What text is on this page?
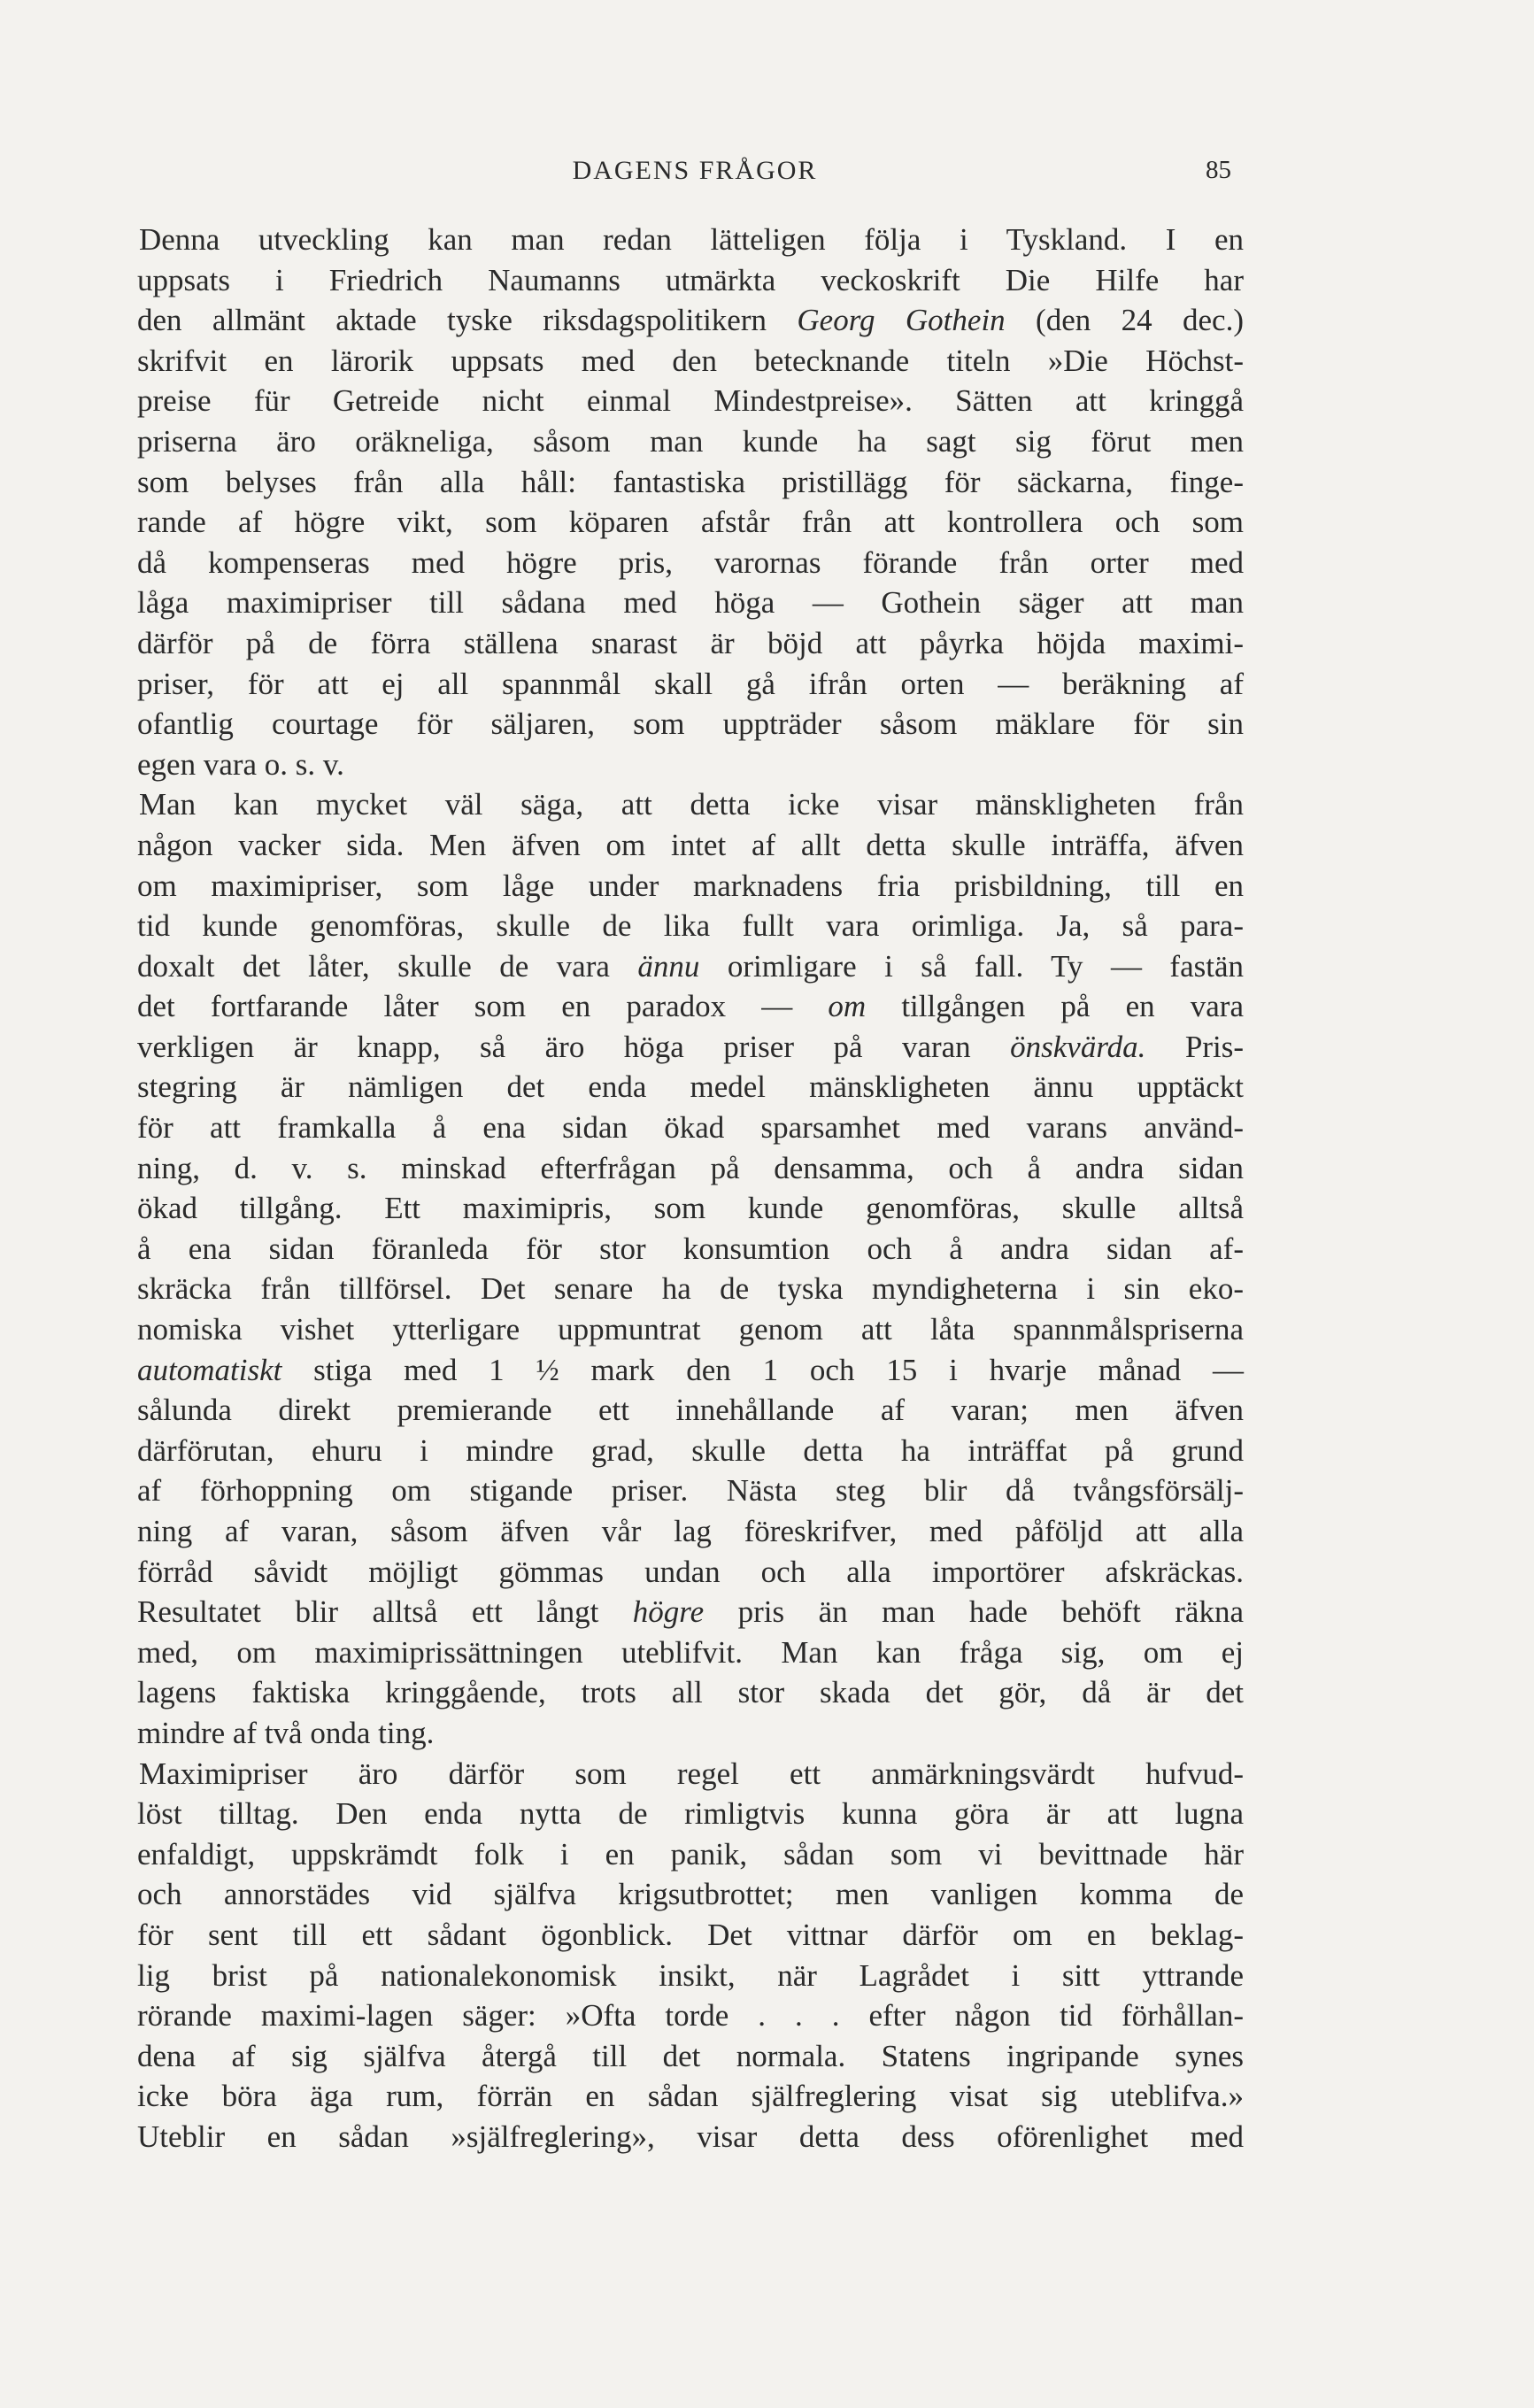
DAGENS FRÅGOR	85
Denna utveckling kan man redan lätteligen följa i Tyskland. I en
uppsats i Friedrich Naumanns utmärkta veckoskrift Die Hilfe har
den allmänt aktade tyske riksdagspolitikern Georg Gothein (den 24 dec.)
skrifvit en lärorik uppsats med den betecknande titeln »Die Höchst-
preise für Getreide nicht einmal Mindestpreise». Sätten att kringgå
priserna äro oräkneliga, såsom man kunde ha sagt sig förut men
som belyses från alla håll: fantastiska pristillägg för säckarna, finge-
rande af högre vikt, som köparen afstår från att kontrollera och som
då kompenseras med högre pris, varornas förande från orter med
låga maximipriser till sådana med höga — Gothein säger att man
därför på de förra ställena snarast är böjd att påyrka höjda maximi-
priser, för att ej all spannmål skall gå ifrån orten — beräkning af
ofantlig courtage för säljaren, som uppträder såsom mäklare för sin
egen vara o. s. v.
Man kan mycket väl säga, att detta icke visar mänskligheten från
någon vacker sida. Men äfven om intet af allt detta skulle inträffa, äfven
om maximipriser, som låge under marknadens fria prisbildning, till en
tid kunde genomföras, skulle de lika fullt vara orimliga. Ja, så para-
doxalt det låter, skulle de vara ännu orimligare i så fall. Ty — fastän
det fortfarande låter som en paradox — om tillgången på en vara
verkligen är knapp, så äro höga priser på varan önskvärda. Pris-
stegring är nämligen det enda medel mänskligheten ännu upptäckt
för att framkalla å ena sidan ökad sparsamhet med varans använd-
ning, d. v. s. minskad efterfrågan på densamma, och å andra sidan
ökad tillgång. Ett maximipris, som kunde genomföras, skulle alltså
å ena sidan föranleda för stor konsumtion och å andra sidan af-
skräcka från tillförsel. Det senare ha de tyska myndigheterna i sin eko-
nomiska vishet ytterligare uppmuntrat genom att låta spannmålspriserna
automatiskt stiga med 1 ½ mark den 1 och 15 i hvarje månad —
sålunda direkt premierande ett innehållande af varan; men äfven
därförutan, ehuru i mindre grad, skulle detta ha inträffat på grund
af förhoppning om stigande priser. Nästa steg blir då tvångsförsälj-
ning af varan, såsom äfven vår lag föreskrifver, med påföljd att alla
förråd såvidt möjligt gömmas undan och alla importörer afskräckas.
Resultatet blir alltså ett långt högre pris än man hade behöft räkna
med, om maximiprissättningen uteblifvit. Man kan fråga sig, om ej
lagens faktiska kringgående, trots all stor skada det gör, då är det
mindre af två onda ting.
Maximipriser äro därför som regel ett anmärkningsvärdt hufvud-
löst tilltag. Den enda nytta de rimligtvis kunna göra är att lugna
enfaldigt, uppskrämdt folk i en panik, sådan som vi bevittnade här
och annorstädes vid själfva krigsutbrottet; men vanligen komma de
för sent till ett sådant ögonblick. Det vittnar därför om en beklag-
lig brist på nationalekonomisk insikt, när Lagrådet i sitt yttrande
rörande maximi-lagen säger: »Ofta torde . . . efter någon tid förhållan-
dena af sig själfva återgå till det normala. Statens ingripande synes
icke böra äga rum, förrän en sådan själfreglering visat sig uteblifva.»
Uteblir en sådan »själfreglering», visar detta dess oförenlighet med
